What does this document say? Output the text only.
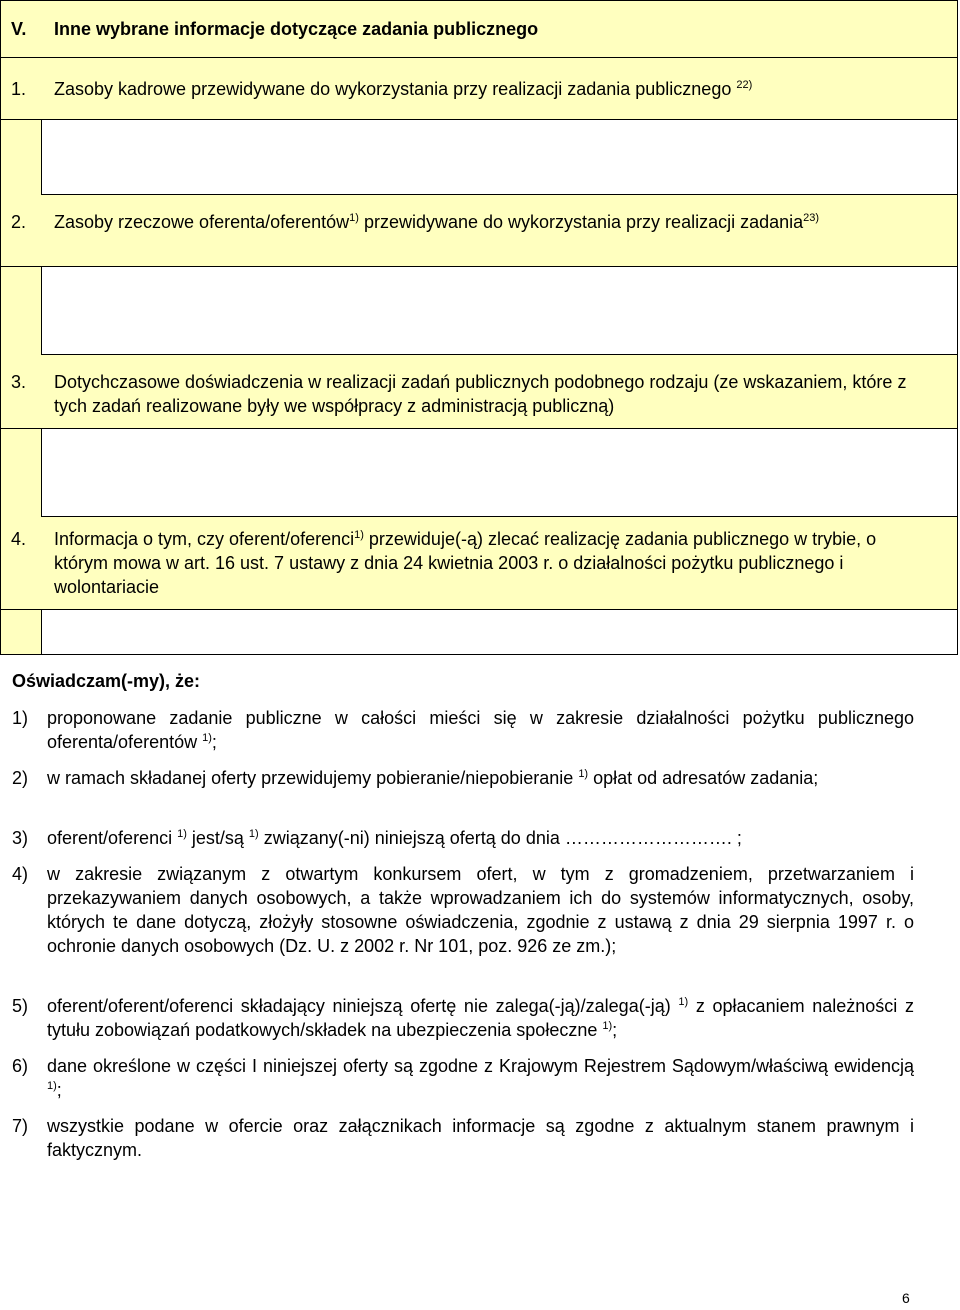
V. Inne wybrane informacje dotyczące zadania publicznego
1. Zasoby kadrowe przewidywane do wykorzystania przy realizacji zadania publicznego $^{22)}$
2. Zasoby rzeczowe oferenta/oferentów$^{1)}$ przewidywane do wykorzystania przy realizacji zadania$^{23)}$
3. Dotychczasowe doświadczenia w realizacji zadań publicznych podobnego rodzaju (ze wskazaniem, które z tych zadań realizowane były we współpracy z administracją publiczną)
4. Informacja o tym, czy oferent/oferenci$^{1)}$ przewiduje(-ą) zlecać realizację zadania publicznego w trybie, o którym mowa w art. 16 ust. 7 ustawy z dnia 24 kwietnia 2003 r. o działalności pożytku publicznego i wolontariacie
Oświadczam(-my), że:
1) proponowane zadanie publiczne w całości mieści się w zakresie działalności pożytku publicznego oferenta/oferentów $^{1)}$;
2) w ramach składanej oferty przewidujemy pobieranie/niepobieranie $^{1)}$ opłat od adresatów zadania;
3) oferent/oferenci $^{1)}$ jest/są $^{1)}$ związany(-ni) niniejszą ofertą do dnia ………………………. ;
4) w zakresie związanym z otwartym konkursem ofert, w tym z gromadzeniem, przetwarzaniem i przekazywaniem danych osobowych, a także wprowadzaniem ich do systemów informatycznych, osoby, których te dane dotyczą, złożyły stosowne oświadczenia, zgodnie z ustawą z dnia 29 sierpnia 1997 r. o ochronie danych osobowych (Dz. U. z 2002 r. Nr 101, poz. 926 ze zm.);
5) oferent/oferent/oferenci składający niniejszą ofertę nie zalega(-ją)/zalega(-ją) $^{1)}$ z opłacaniem należności z tytułu zobowiązań podatkowych/składek na ubezpieczenia społeczne $^{1)}$;
6) dane określone w części I niniejszej oferty są zgodne z Krajowym Rejestrem Sądowym/właściwą ewidencją $^{1)}$;
7) wszystkie podane w ofercie oraz załącznikach informacje są zgodne z aktualnym stanem prawnym i faktycznym.
6
